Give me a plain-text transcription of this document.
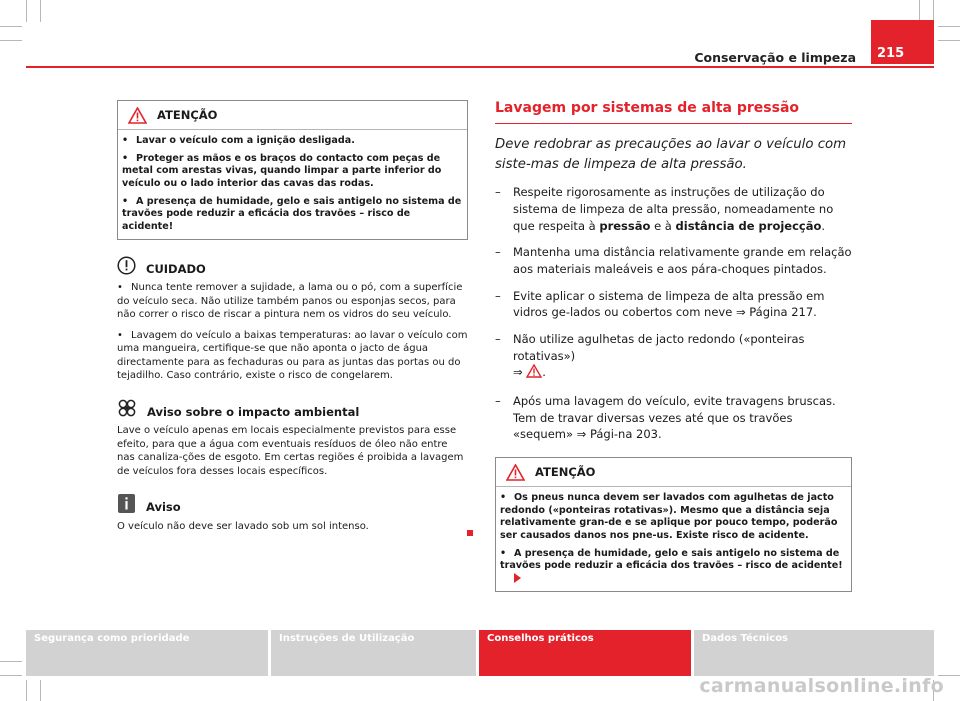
Conservação e limpeza	215
ATENÇÃO

• Lavar o veículo com a ignição desligada.

• Proteger as mãos e os braços do contacto com peças de metal com arestas vivas, quando limpar a parte inferior do veículo ou o lado interior das cavas das rodas.

• A presença de humidade, gelo e sais antigelo no sistema de travões pode reduzir a eficácia dos travões – risco de acidente!

CUIDADO

• Nunca tente remover a sujidade, a lama ou o pó, com a superfície do veículo seca. Não utilize também panos ou esponjas secos, para não correr o risco de riscar a pintura nem os vidros do seu veículo.

• Lavagem do veículo a baixas temperaturas: ao lavar o veículo com uma mangueira, certifique-se que não aponta o jacto de água directamente para as fechaduras ou para as juntas das portas ou do tejadilho. Caso contrário, existe o risco de congelarem.

Aviso sobre o impacto ambiental

Lave o veículo apenas em locais especialmente previstos para esse efeito, para que a água com eventuais resíduos de óleo não entre nas canaliza-ções de esgoto. Em certas regiões é proibida a lavagem de veículos fora desses locais específicos.

Aviso

O veículo não deve ser lavado sob um sol intenso.

Lavagem por sistemas de alta pressão

Deve redobrar as precauções ao lavar o veículo com siste-mas de limpeza de alta pressão.

–	Respeite rigorosamente as instruções de utilização do sistema de limpeza de alta pressão, nomeadamente no que respeita à pressão e à distância de projecção.
–	Mantenha uma distância relativamente grande em relação aos materiais maleáveis e aos pára-choques pintados.
–	Evite aplicar o sistema de limpeza de alta pressão em vidros ge-lados ou cobertos com neve ⇒ Página 217.
–	Não utilize agulhetas de jacto redondo («ponteiras rotativas»)
⇒ .
–	Após uma lavagem do veículo, evite travagens bruscas. Tem de travar diversas vezes até que os travões «sequem» ⇒ Pági-na 203.
ATENÇÃO

• Os pneus nunca devem ser lavados com agulhetas de jacto redondo («ponteiras rotativas»). Mesmo que a distância seja relativamente gran-de e se aplique por pouco tempo, poderão ser causados danos nos pne-us. Existe risco de acidente.

• A presença de humidade, gelo e sais antigelo no sistema de travões pode reduzir a eficácia dos travões – risco de acidente!

Segurança como prioridade	Instruções de Utilização	Conselhos práticos	Dados Técnicos
carmanualsonline.info
